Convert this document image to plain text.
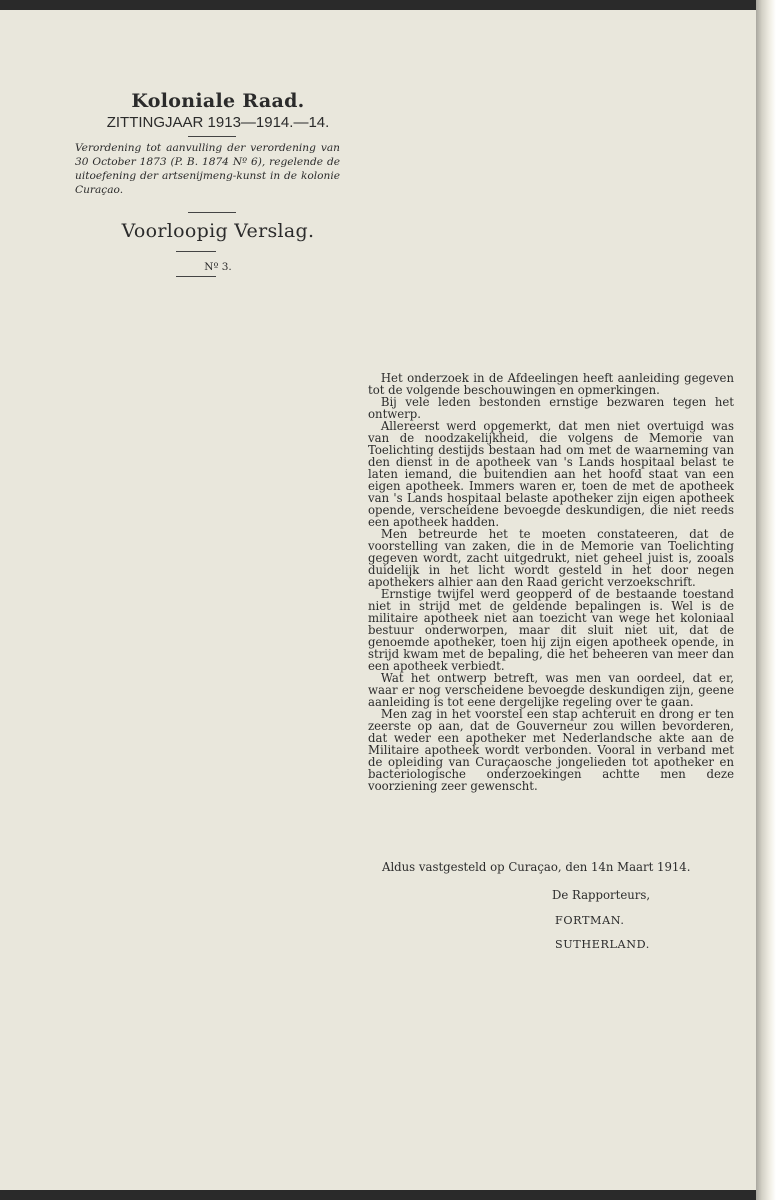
Koloniale Raad.
ZITTINGJAAR 1913—1914.—14.
Verordening tot aanvulling der verordening van 30 October 1873 (P. B. 1874 Nº 6), regelende de uitoefening der artsenijmeng-kunst in de kolonie Curaçao.
Voorloopig Verslag.
Nº 3.

Het onderzoek in de Afdeelingen heeft aanleiding gegeven tot de volgende beschouwingen en opmerkingen.

Bij vele leden bestonden ernstige bezwaren tegen het ontwerp.

Allereerst werd opgemerkt, dat men niet overtuigd was van de noodzakelijkheid, die volgens de Memorie van Toelichting destijds bestaan had om met de waarneming van den dienst in de apotheek van 's Lands hospitaal belast te laten iemand, die buitendien aan het hoofd staat van een eigen apotheek. Immers waren er, toen de met de apotheek van 's Lands hospitaal belaste apotheker zijn eigen apotheek opende, verscheidene bevoegde deskundigen, die niet reeds een apotheek hadden.

Men betreurde het te moeten constateeren, dat de voorstelling van zaken, die in de Memorie van Toelichting gegeven wordt, zacht uitgedrukt, niet geheel juist is, zooals duidelijk in het licht wordt gesteld in het door negen apothekers alhier aan den Raad gericht verzoekschrift.

Ernstige twijfel werd geopperd of de bestaande toestand niet in strijd met de geldende bepalingen is. Wel is de militaire apotheek niet aan toezicht van wege het koloniaal bestuur onderworpen, maar dit sluit niet uit, dat de genoemde apotheker, toen hij zijn eigen apotheek opende, in strijd kwam met de bepaling, die het beheeren van meer dan een apotheek verbiedt.

Wat het ontwerp betreft, was men van oordeel, dat er, waar er nog verscheidene bevoegde deskundigen zijn, geene aanleiding is tot eene dergelijke regeling over te gaan.

Men zag in het voorstel een stap achteruit en drong er ten zeerste op aan, dat de Gouverneur zou willen bevorderen, dat weder een apotheker met Nederlandsche akte aan de Militaire apotheek wordt verbonden. Vooral in verband met de opleiding van Curaçaosche jongelieden tot apotheker en bacteriologische onderzoekingen achtte men deze voorziening zeer gewenscht.

Aldus vastgesteld op Curaçao, den 14n Maart 1914.
De Rapporteurs,
FORTMAN.
SUTHERLAND.
